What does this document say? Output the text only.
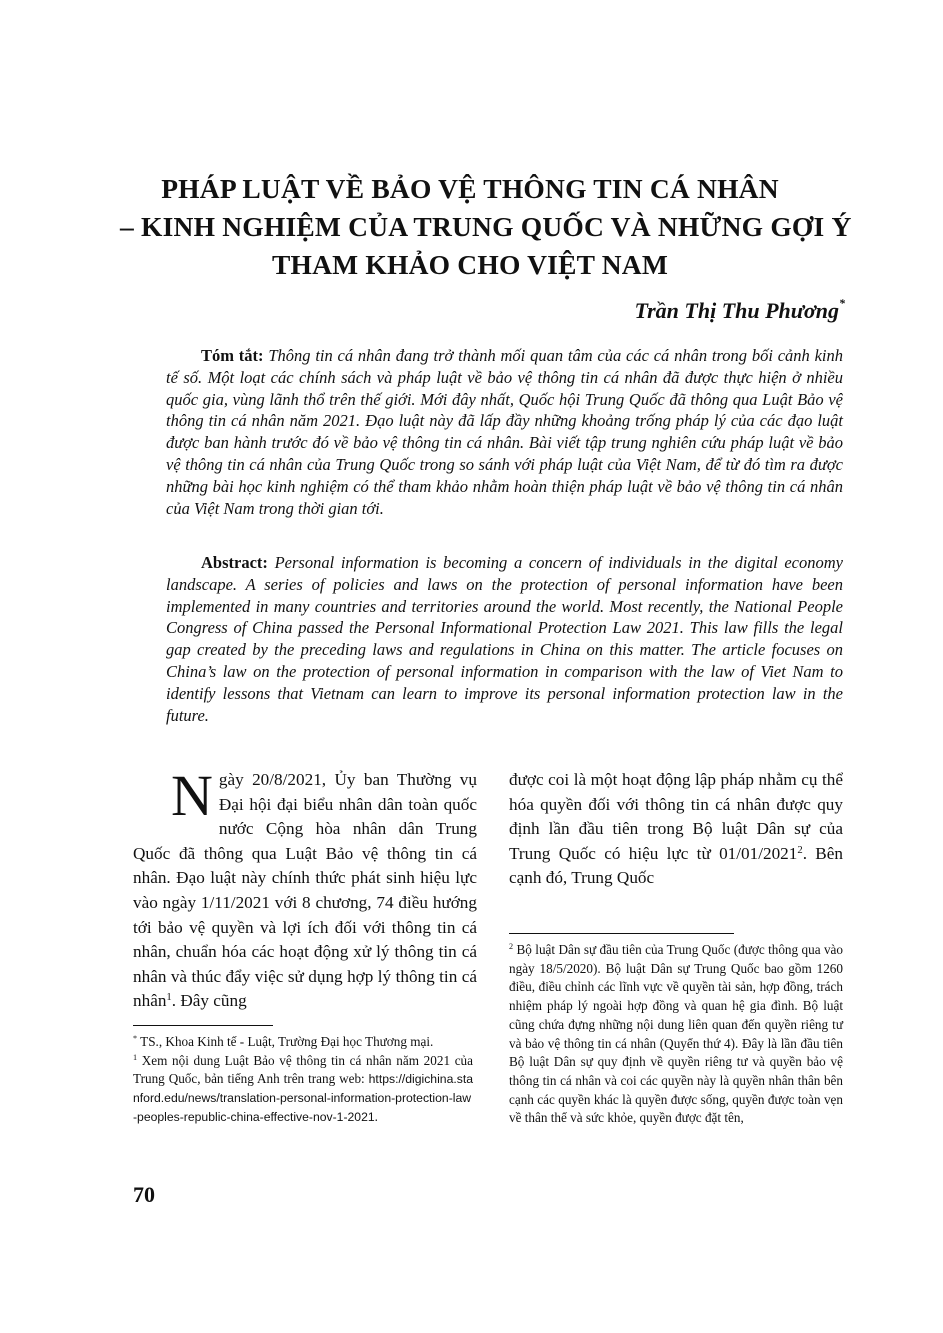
PHÁP LUẬT VỀ BẢO VỆ THÔNG TIN CÁ NHÂN
– KINH NGHIỆM CỦA TRUNG QUỐC VÀ NHỮNG GỢI Ý
THAM KHẢO CHO VIỆT NAM
Trần Thị Thu Phương*

Tóm tắt: Thông tin cá nhân đang trở thành mối quan tâm của các cá nhân trong bối cảnh kinh tế số. Một loạt các chính sách và pháp luật về bảo vệ thông tin cá nhân đã được thực hiện ở nhiều quốc gia, vùng lãnh thổ trên thế giới. Mới đây nhất, Quốc hội Trung Quốc đã thông qua Luật Bảo vệ thông tin cá nhân năm 2021. Đạo luật này đã lấp đầy những khoảng trống pháp lý của các đạo luật được ban hành trước đó về bảo vệ thông tin cá nhân. Bài viết tập trung nghiên cứu pháp luật về bảo vệ thông tin cá nhân của Trung Quốc trong so sánh với pháp luật của Việt Nam, để từ đó tìm ra được những bài học kinh nghiệm có thể tham khảo nhằm hoàn thiện pháp luật về bảo vệ thông tin cá nhân của Việt Nam trong thời gian tới.

Abstract: Personal information is becoming a concern of individuals in the digital economy landscape. A series of policies and laws on the protection of personal information have been implemented in many countries and territories around the world. Most recently, the National People Congress of China passed the Personal Informational Protection Law 2021. This law fills the legal gap created by the preceding laws and regulations in China on this matter. The article focuses on China’s law on the protection of personal information in comparison with the law of Viet Nam to identify lessons that Vietnam can learn to improve its personal information protection law in the future.

Ngày 20/8/2021, Ủy ban Thường vụ Đại hội đại biểu nhân dân toàn quốc nước Cộng hòa nhân dân Trung Quốc đã thông qua Luật Bảo vệ thông tin cá nhân. Đạo luật này chính thức phát sinh hiệu lực vào ngày 1/11/2021 với 8 chương, 74 điều hướng tới bảo vệ quyền và lợi ích đối với thông tin cá nhân, chuẩn hóa các hoạt động xử lý thông tin cá nhân và thúc đẩy việc sử dụng hợp lý thông tin cá nhân$^1$. Đây cũng

được coi là một hoạt động lập pháp nhằm cụ thể hóa quyền đối với thông tin cá nhân được quy định lần đầu tiên trong Bộ luật Dân sự của Trung Quốc có hiệu lực từ 01/01/2021$^2$. Bên cạnh đó, Trung Quốc

* TS., Khoa Kinh tế - Luật, Trường Đại học Thương mại.

$^1$ Xem nội dung Luật Bảo vệ thông tin cá nhân năm 2021 của Trung Quốc, bản tiếng Anh trên trang web: https://digichina.stanford.edu/news/translation-personal-information-protection-law-peoples-republic-china-effective-nov-1-2021.

$^2$ Bộ luật Dân sự đầu tiên của Trung Quốc (được thông qua vào ngày 18/5/2020). Bộ luật Dân sự Trung Quốc bao gồm 1260 điều, điều chỉnh các lĩnh vực về quyền tài sản, hợp đồng, trách nhiệm pháp lý ngoài hợp đồng và quan hệ gia đình. Bộ luật cũng chứa đựng những nội dung liên quan đến quyền riêng tư và bảo vệ thông tin cá nhân (Quyển thứ 4). Đây là lần đầu tiên Bộ luật Dân sự quy định về quyền riêng tư và quyền bảo vệ thông tin cá nhân và coi các quyền này là quyền nhân thân bên cạnh các quyền khác là quyền được sống, quyền được toàn vẹn về thân thể và sức khỏe, quyền được đặt tên,

70
